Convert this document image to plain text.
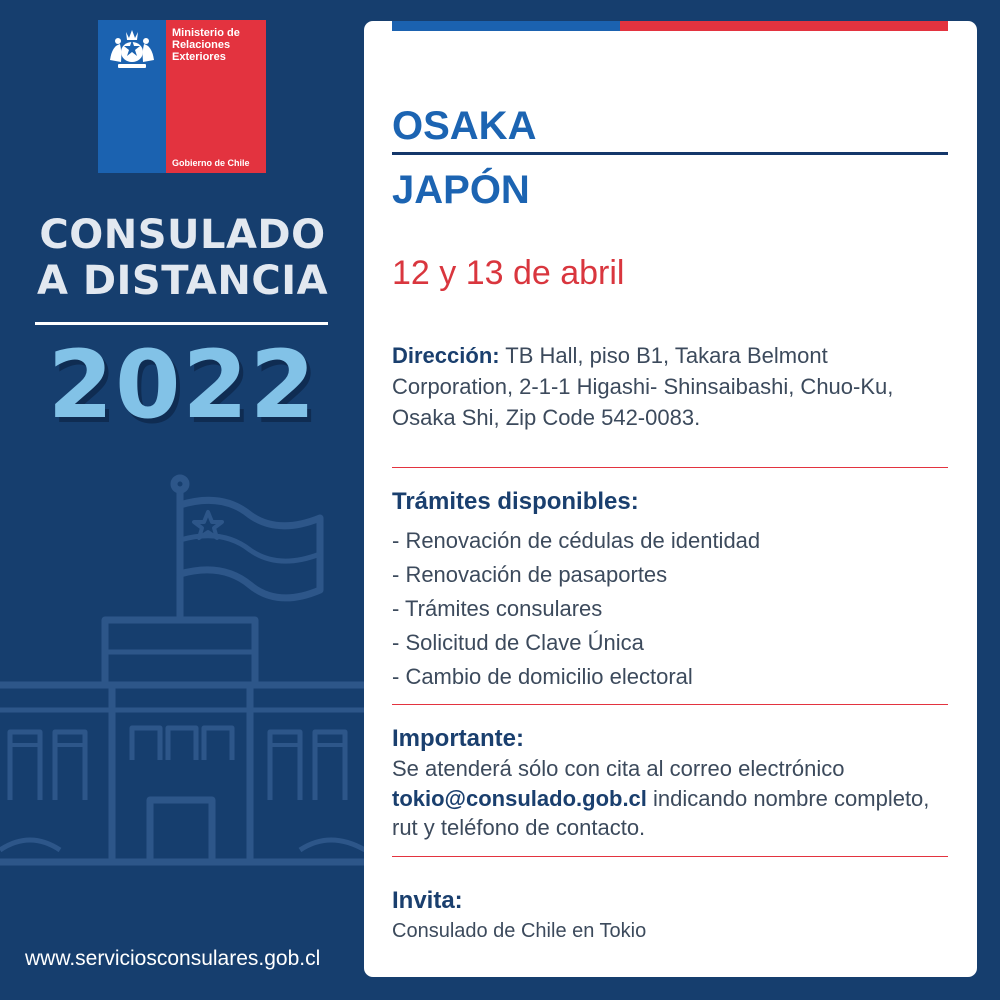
Ministerio de
Relaciones
Exteriores

Gobierno de Chile

CONSULADO
A DISTANCIA

2022

www.serviciosconsulares.gob.cl

OSAKA
JAPÓN

12 y 13 de abril

Dirección: TB Hall, piso B1, Takara Belmont Corporation, 2-1-1 Higashi- Shinsaibashi, Chuo-Ku, Osaka Shi, Zip Code 542-0083.

Trámites disponibles:
- Renovación de cédulas de identidad
- Renovación de pasaportes
- Trámites consulares
- Solicitud de Clave Única
- Cambio de domicilio electoral
Importante:

Se atenderá sólo con cita al correo electrónico tokio@consulado.gob.cl indicando nombre completo, rut y teléfono de contacto.

Invita:

Consulado de Chile en Tokio
